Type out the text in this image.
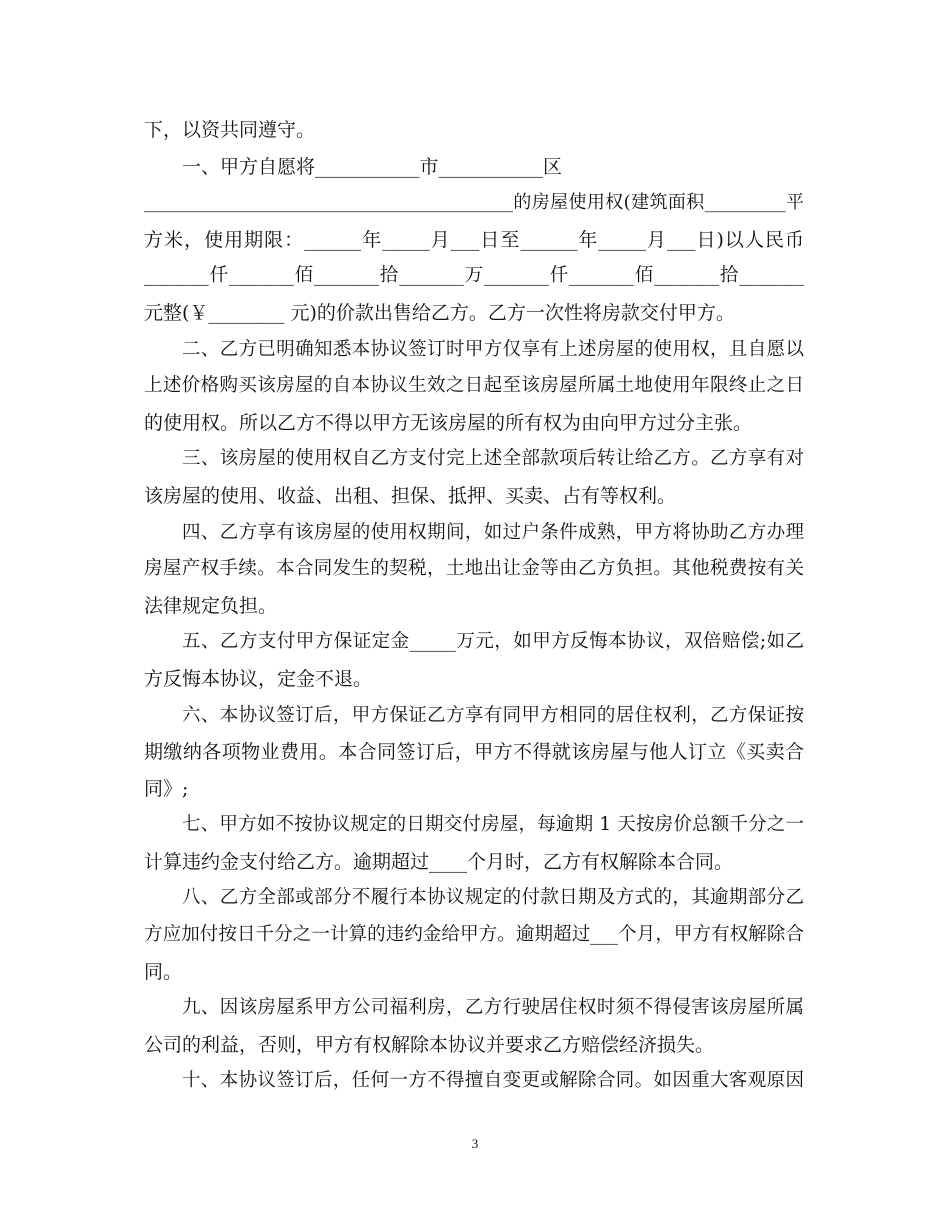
下，以资共同遵守。
一、甲方自愿将___________市___________区
_________________________________________的房屋使用权(建筑面积_________平
方米，使用期限：______年_____月___日至______年_____月___日)以人民币
_______仟_______佰_______拾_______万_______仟_______佰_______拾_______
元整(￥________ 元)的价款出售给乙方。乙方一次性将房款交付甲方。
二、乙方已明确知悉本协议签订时甲方仅享有上述房屋的使用权，且自愿以
上述价格购买该房屋的自本协议生效之日起至该房屋所属土地使用年限终止之日
的使用权。所以乙方不得以甲方无该房屋的所有权为由向甲方过分主张。
三、该房屋的使用权自乙方支付完上述全部款项后转让给乙方。乙方享有对
该房屋的使用、收益、出租、担保、抵押、买卖、占有等权利。
四、乙方享有该房屋的使用权期间，如过户条件成熟，甲方将协助乙方办理
房屋产权手续。本合同发生的契税，土地出让金等由乙方负担。其他税费按有关
法律规定负担。
五、乙方支付甲方保证定金_____万元，如甲方反悔本协议，双倍赔偿;如乙
方反悔本协议，定金不退。
六、本协议签订后，甲方保证乙方享有同甲方相同的居住权利，乙方保证按
期缴纳各项物业费用。本合同签订后，甲方不得就该房屋与他人订立《买卖合
同》;
七、甲方如不按协议规定的日期交付房屋，每逾期 1 天按房价总额千分之一
计算违约金支付给乙方。逾期超过____个月时，乙方有权解除本合同。
八、乙方全部或部分不履行本协议规定的付款日期及方式的，其逾期部分乙
方应加付按日千分之一计算的违约金给甲方。逾期超过___个月，甲方有权解除合
同。
九、因该房屋系甲方公司福利房，乙方行驶居住权时须不得侵害该房屋所属
公司的利益，否则，甲方有权解除本协议并要求乙方赔偿经济损失。
十、本协议签订后，任何一方不得擅自变更或解除合同。如因重大客观原因
3
